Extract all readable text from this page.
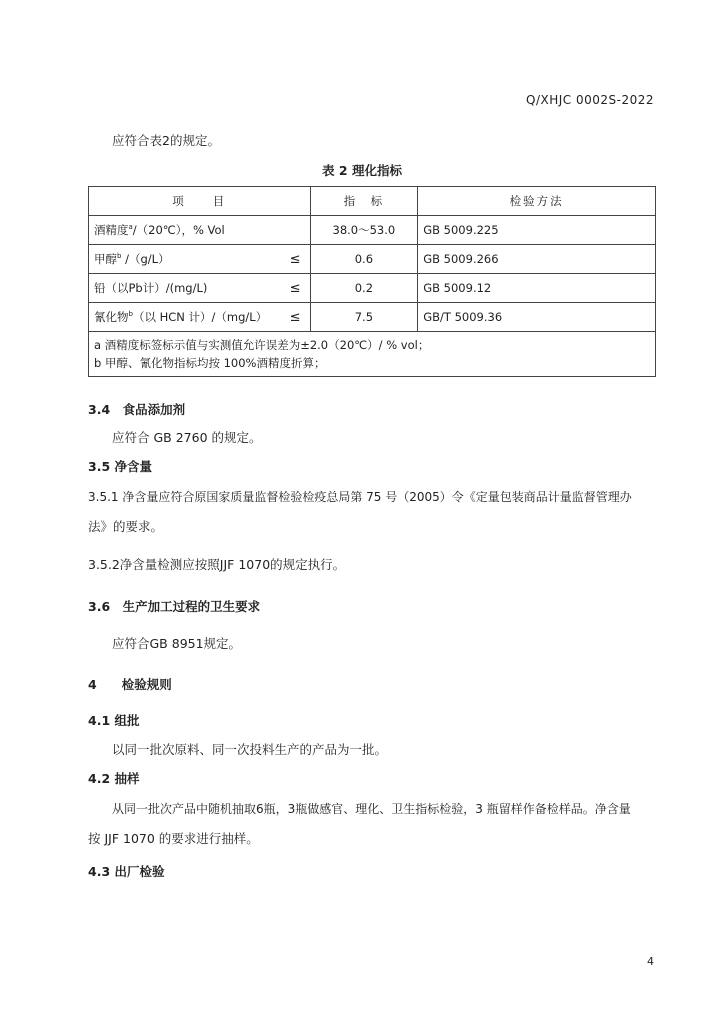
Q/XHJC 0002S-2022
应符合表2的规定。
表 2 理化指标
项　　目	指　标	检验方法

酒精度$^a$/（20℃），% Vol	38.0～53.0	GB 5009.225

甲醇$^b$ /（g/L） ≤	0.6	GB 5009.266

铅（以Pb计）/(mg/L) ≤	0.2	GB 5009.12

氰化物$^b$（以 HCN 计）/（mg/L） ≤	7.5	GB/T 5009.36

a 酒精度标签标示值与实测值允许误差为±2.0（20℃）/ % vol；
b 甲醇、氰化物指标均按 100%酒精度折算；		
3.4　食品添加剂
应符合 GB 2760 的规定。
3.5 净含量
3.5.1 净含量应符合原国家质量监督检验检疫总局第 75 号（2005）令《定量包装商品计量监督管理办
法》的要求。
3.5.2净含量检测应按照JJF 1070的规定执行。
3.6　生产加工过程的卫生要求
应符合GB 8951规定。
4　　检验规则
4.1 组批
以同一批次原料、同一次投料生产的产品为一批。
4.2 抽样
从同一批次产品中随机抽取6瓶，3瓶做感官、理化、卫生指标检验，3 瓶留样作备检样品。净含量
按 JJF 1070 的要求进行抽样。
4.3 出厂检验
4
